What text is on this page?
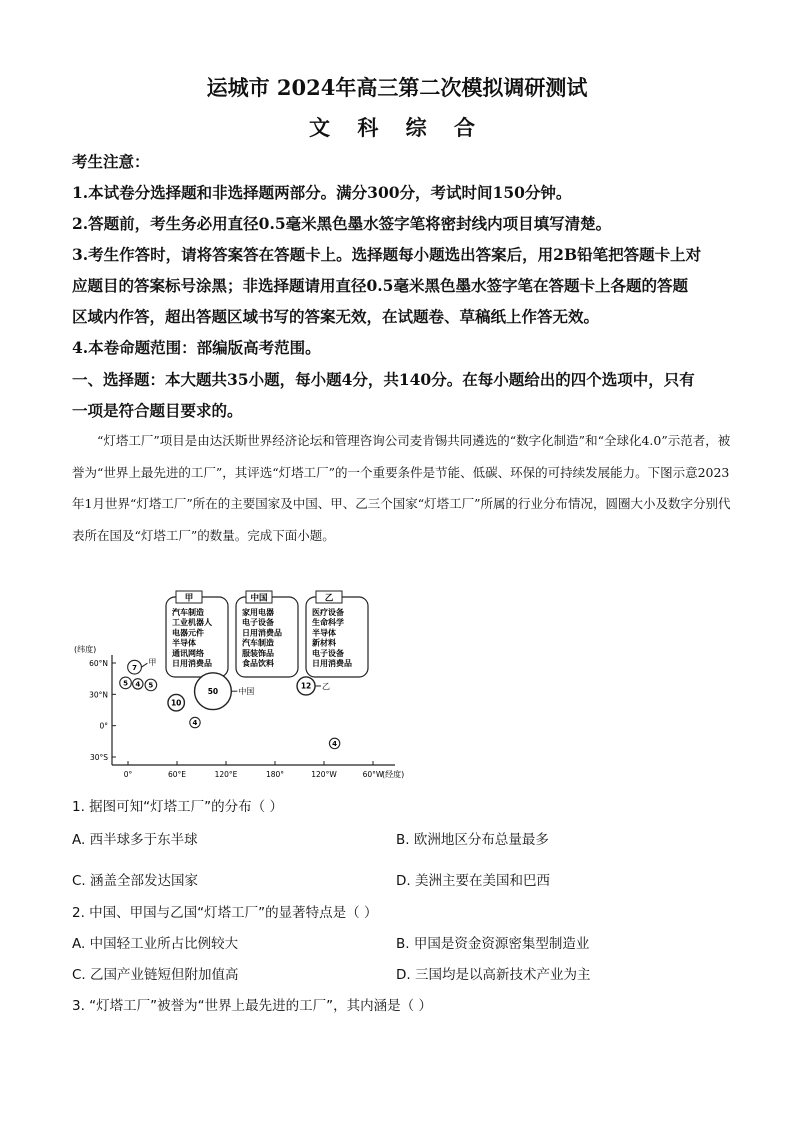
运城市 2024年高三第二次模拟调研测试
文 科 综 合
考生注意：
1.本试卷分选择题和非选择题两部分。满分300分，考试时间150分钟。
2.答题前，考生务必用直径0.5毫米黑色墨水签字笔将密封线内项目填写清楚。
3.考生作答时，请将答案答在答题卡上。选择题每小题选出答案后，用2B铅笔把答题卡上对
应题目的答案标号涂黑；非选择题请用直径0.5毫米黑色墨水签字笔在答题卡上各题的答题
区域内作答，超出答题区域书写的答案无效，在试题卷、草稿纸上作答无效。
4.本卷命题范围：部编版高考范围。
一、选择题：本大题共35小题，每小题4分，共140分。在每小题给出的四个选项中，只有
一项是符合题目要求的。
“灯塔工厂”项目是由达沃斯世界经济论坛和管理咨询公司麦肯锡共同遴选的“数字化制造”和“全球化4.0”示范者，被誉为“世界上最先进的工厂”，其评选“灯塔工厂”的一个重要条件是节能、低碳、环保的可持续发展能力。下图示意2023年1月世界“灯塔工厂”所在的主要国家及中国、甲、乙三个国家“灯塔工厂”所属的行业分布情况，圆圈大小及数字分别代表所在国及“灯塔工厂”的数量。完成下面小题。
甲
汽车制造
工业机器人
电器元件
半导体
通讯网络
日用消费品
中国
家用电器
电子设备
日用消费品
汽车制造
服装饰品
食品饮料
乙
医疗设备
生命科学
半导体
新材料
电子设备
日用消费品
(纬度)
(经度)
60°N
30°N
0°
30°S
0°	60°E	120°E	180°	120°W	60°W
7
甲
5 4 5
10
50	中国
4
12 乙
4
1. 据图可知“灯塔工厂”的分布（ ）
A. 西半球多于东半球	B. 欧洲地区分布总量最多
C. 涵盖全部发达国家	D. 美洲主要在美国和巴西
2. 中国、甲国与乙国“灯塔工厂”的显著特点是（ ）
A. 中国轻工业所占比例较大	B. 甲国是资金资源密集型制造业
C. 乙国产业链短但附加值高	D. 三国均是以高新技术产业为主
3. “灯塔工厂”被誉为“世界上最先进的工厂”，其内涵是（ ）
